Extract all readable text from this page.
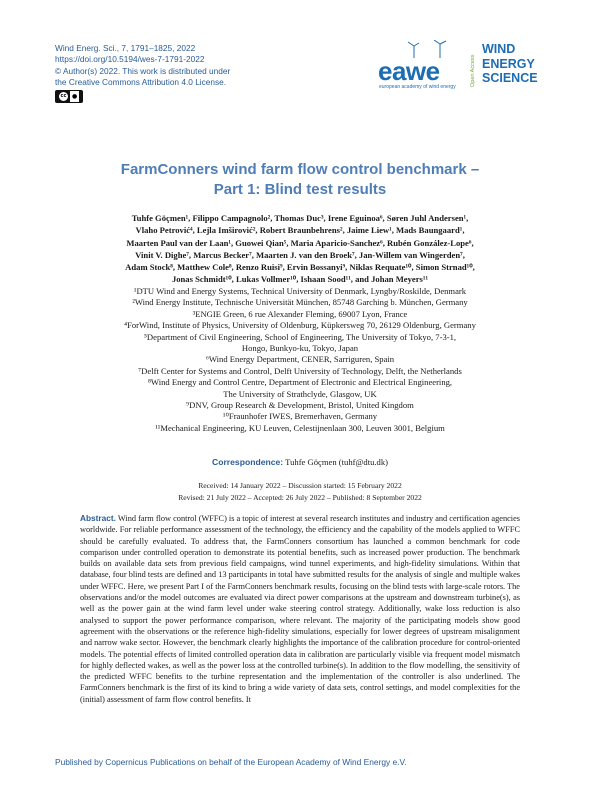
Wind Energ. Sci., 7, 1791–1825, 2022
https://doi.org/10.5194/wes-7-1791-2022
© Author(s) 2022. This work is distributed under
the Creative Commons Attribution 4.0 License.
cc ●
eawe
european academy of wind energy	Open Access
WIND
ENERGY
SCIENCE
FarmConners wind farm flow control benchmark –
Part 1: Blind test results
Tuhfe Göçmen¹, Filippo Campagnolo², Thomas Duc³, Irene Eguinoa⁶, Søren Juhl Andersen¹,
Vlaho Petrović⁴, Lejla Imširović², Robert Braunbehrens², Jaime Liew¹, Mads Baungaard¹,
Maarten Paul van der Laan¹, Guowei Qian⁵, Maria Aparicio-Sanchez⁶, Rubén González-Lope⁶,
Vinit V. Dighe⁷, Marcus Becker⁷, Maarten J. van den Broek⁷, Jan-Willem van Wingerden⁷,
Adam Stock⁸, Matthew Cole⁸, Renzo Ruisi⁹, Ervin Bossanyi⁹, Niklas Requate¹⁰, Simon Strnad¹⁰,
Jonas Schmidt¹⁰, Lukas Vollmer¹⁰, Ishaan Sood¹¹, and Johan Meyers¹¹
¹DTU Wind and Energy Systems, Technical University of Denmark, Lyngby/Roskilde, Denmark
²Wind Energy Institute, Technische Universität München, 85748 Garching b. München, Germany
³ENGIE Green, 6 rue Alexander Fleming, 69007 Lyon, France
⁴ForWind, Institute of Physics, University of Oldenburg, Küpkersweg 70, 26129 Oldenburg, Germany
⁵Department of Civil Engineering, School of Engineering, The University of Tokyo, 7-3-1,
Hongo, Bunkyo-ku, Tokyo, Japan
⁶Wind Energy Department, CENER, Sarriguren, Spain
⁷Delft Center for Systems and Control, Delft University of Technology, Delft, the Netherlands
⁸Wind Energy and Control Centre, Department of Electronic and Electrical Engineering,
The University of Strathclyde, Glasgow, UK
⁹DNV, Group Research & Development, Bristol, United Kingdom
¹⁰Fraunhofer IWES, Bremerhaven, Germany
¹¹Mechanical Engineering, KU Leuven, Celestijnenlaan 300, Leuven 3001, Belgium
Correspondence: Tuhfe Göçmen (tuhf@dtu.dk)
Received: 14 January 2022 – Discussion started: 15 February 2022
Revised: 21 July 2022 – Accepted: 26 July 2022 – Published: 8 September 2022
Abstract. Wind farm flow control (WFFC) is a topic of interest at several research institutes and industry and certification agencies worldwide. For reliable performance assessment of the technology, the efficiency and the capability of the models applied to WFFC should be carefully evaluated. To address that, the FarmConners consortium has launched a common benchmark for code comparison under controlled operation to demonstrate its potential benefits, such as increased power production. The benchmark builds on available data sets from previous field campaigns, wind tunnel experiments, and high-fidelity simulations. Within that database, four blind tests are defined and 13 participants in total have submitted results for the analysis of single and multiple wakes under WFFC. Here, we present Part I of the FarmConners benchmark results, focusing on the blind tests with large-scale rotors. The observations and/or the model outcomes are evaluated via direct power comparisons at the upstream and downstream turbine(s), as well as the power gain at the wind farm level under wake steering control strategy. Additionally, wake loss reduction is also analysed to support the power performance comparison, where relevant. The majority of the participating models show good agreement with the observations or the reference high-fidelity simulations, especially for lower degrees of upstream misalignment and narrow wake sector. However, the benchmark clearly highlights the importance of the calibration procedure for control-oriented models. The potential effects of limited controlled operation data in calibration are particularly visible via frequent model mismatch for highly deflected wakes, as well as the power loss at the controlled turbine(s). In addition to the flow modelling, the sensitivity of the predicted WFFC benefits to the turbine representation and the implementation of the controller is also underlined. The FarmConners benchmark is the first of its kind to bring a wide variety of data sets, control settings, and model complexities for the (initial) assessment of farm flow control benefits. It
Published by Copernicus Publications on behalf of the European Academy of Wind Energy e.V.
